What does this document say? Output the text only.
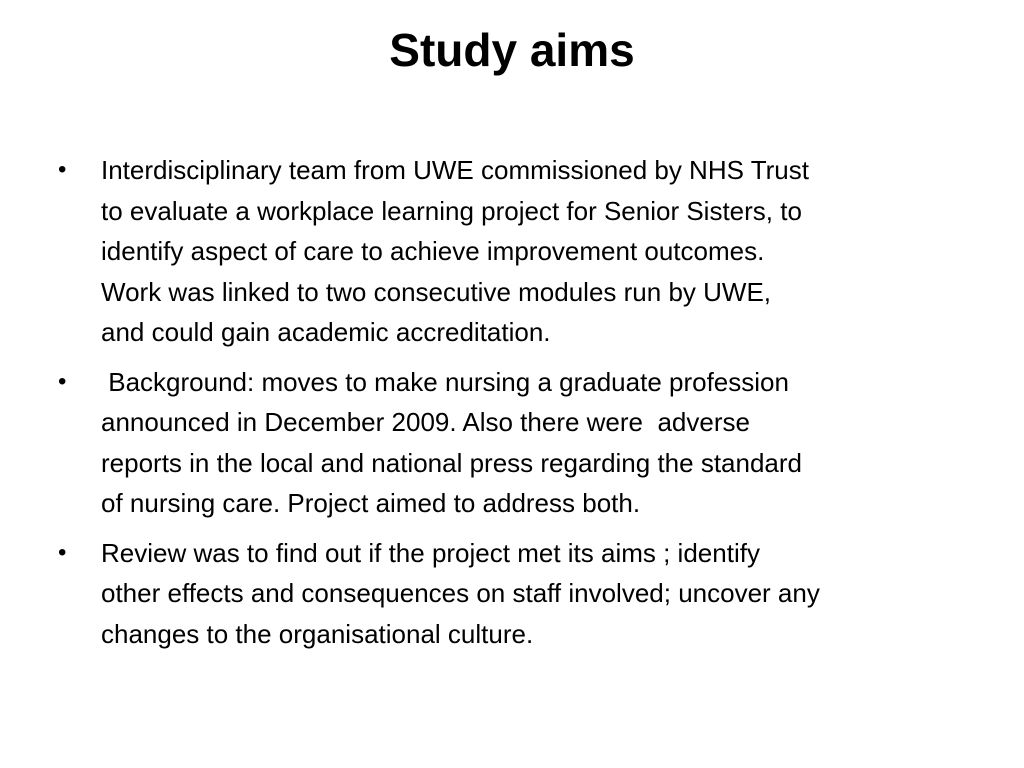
Study aims
•	Interdisciplinary team from UWE commissioned by NHS Trust
to evaluate a workplace learning project for Senior Sisters, to
identify aspect of care to achieve improvement outcomes.
Work was linked to two consecutive modules run by UWE,
and could gain academic accreditation.
•	Background: moves to make nursing a graduate profession
announced in December 2009. Also there were  adverse
reports in the local and national press regarding the standard
of nursing care. Project aimed to address both.
•	Review was to find out if the project met its aims ; identify
other effects and consequences on staff involved; uncover any
changes to the organisational culture.
